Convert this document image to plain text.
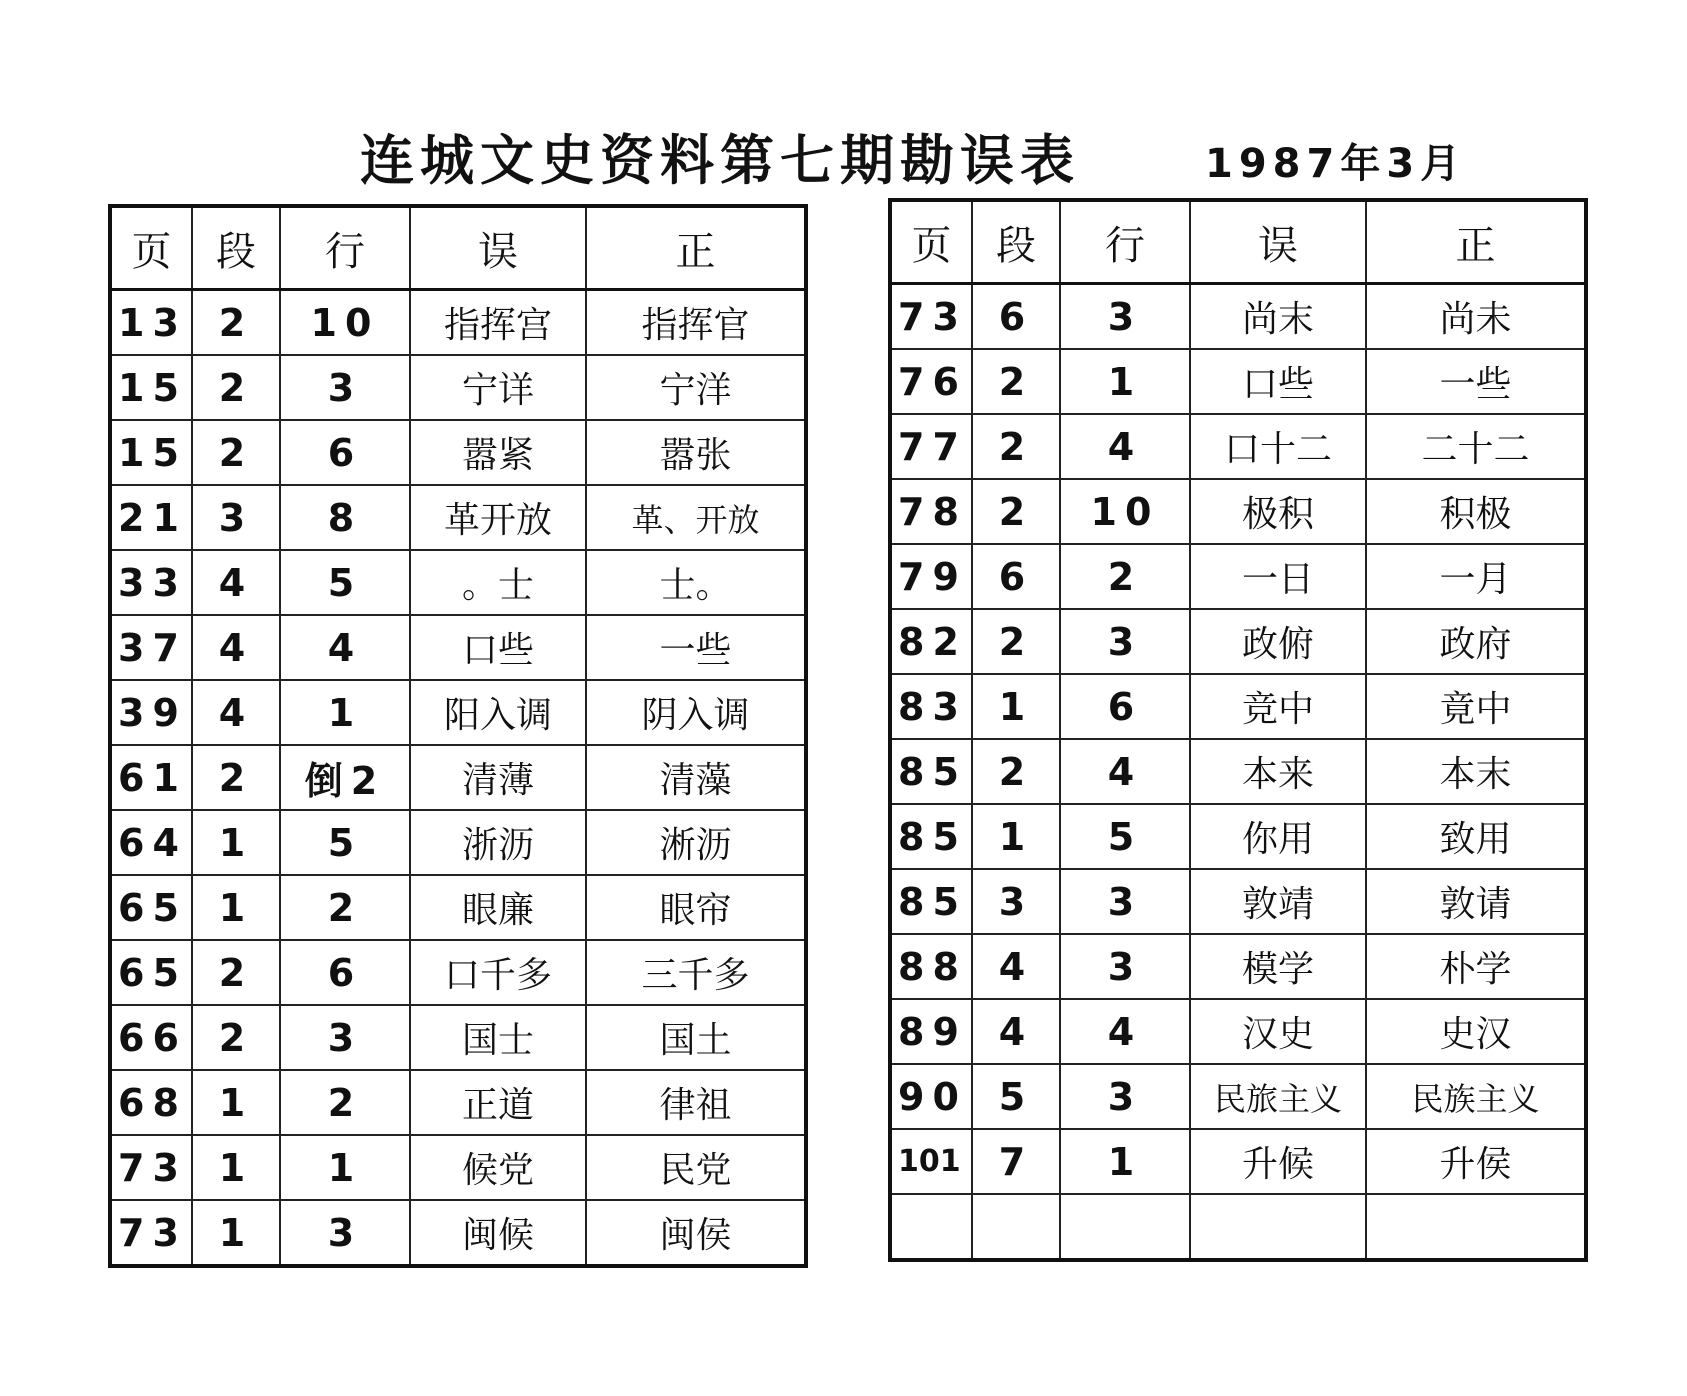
连城文史资料第七期勘误表	1987年3月
页	段	行	误	正
13	2	10	指挥宫	指挥官
15	2	3	宁详	宁洋
15	2	6	嚣紧	嚣张
21	3	8	革开放	革、开放
33	4	5	。士	士。
37	4	4	口些	一些
39	4	1	阳入调	阴入调
61	2	倒2	清薄	清藻
64	1	5	浙沥	淅沥
65	1	2	眼廉	眼帘
65	2	6	口千多	三千多
66	2	3	国士	国土
68	1	2	正道	律祖
73	1	1	候党	民党
73	1	3	闽候	闽侯
页	段	行	误	正
73	6	3	尚末	尚未
76	2	1	口些	一些
77	2	4	口十二	二十二
78	2	10	极积	积极
79	6	2	一日	一月
82	2	3	政俯	政府
83	1	6	竞中	竟中
85	2	4	本来	本末
85	1	5	你用	致用
85	3	3	敦靖	敦请
88	4	3	模学	朴学
89	4	4	汉史	史汉
90	5	3	民旅主义	民族主义
101	7	1	升候	升侯
